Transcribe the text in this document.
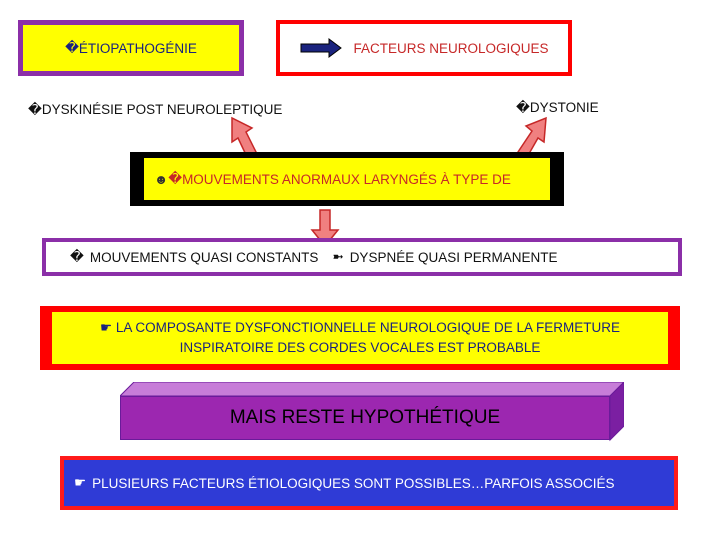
� ÉTIOPATHOGÉNIE	FACTEURS NEUROLOGIQUES
�DYSKINÉSIE POST NEUROLEPTIQUE	�DYSTONIE
☻ � MOUVEMENTS ANORMAUX LARYNGÉS À TYPE DE
� MOUVEMENTS QUASI CONSTANTS ➼ DYSPNÉE QUASI PERMANENTE
☛ LA COMPOSANTE DYSFONCTIONNELLE NEUROLOGIQUE DE LA FERMETURE
INSPIRATOIRE DES CORDES VOCALES EST PROBABLE
MAIS RESTE HYPOTHÉTIQUE
☛ PLUSIEURS FACTEURS ÉTIOLOGIQUES SONT POSSIBLES…PARFOIS ASSOCIÉS
